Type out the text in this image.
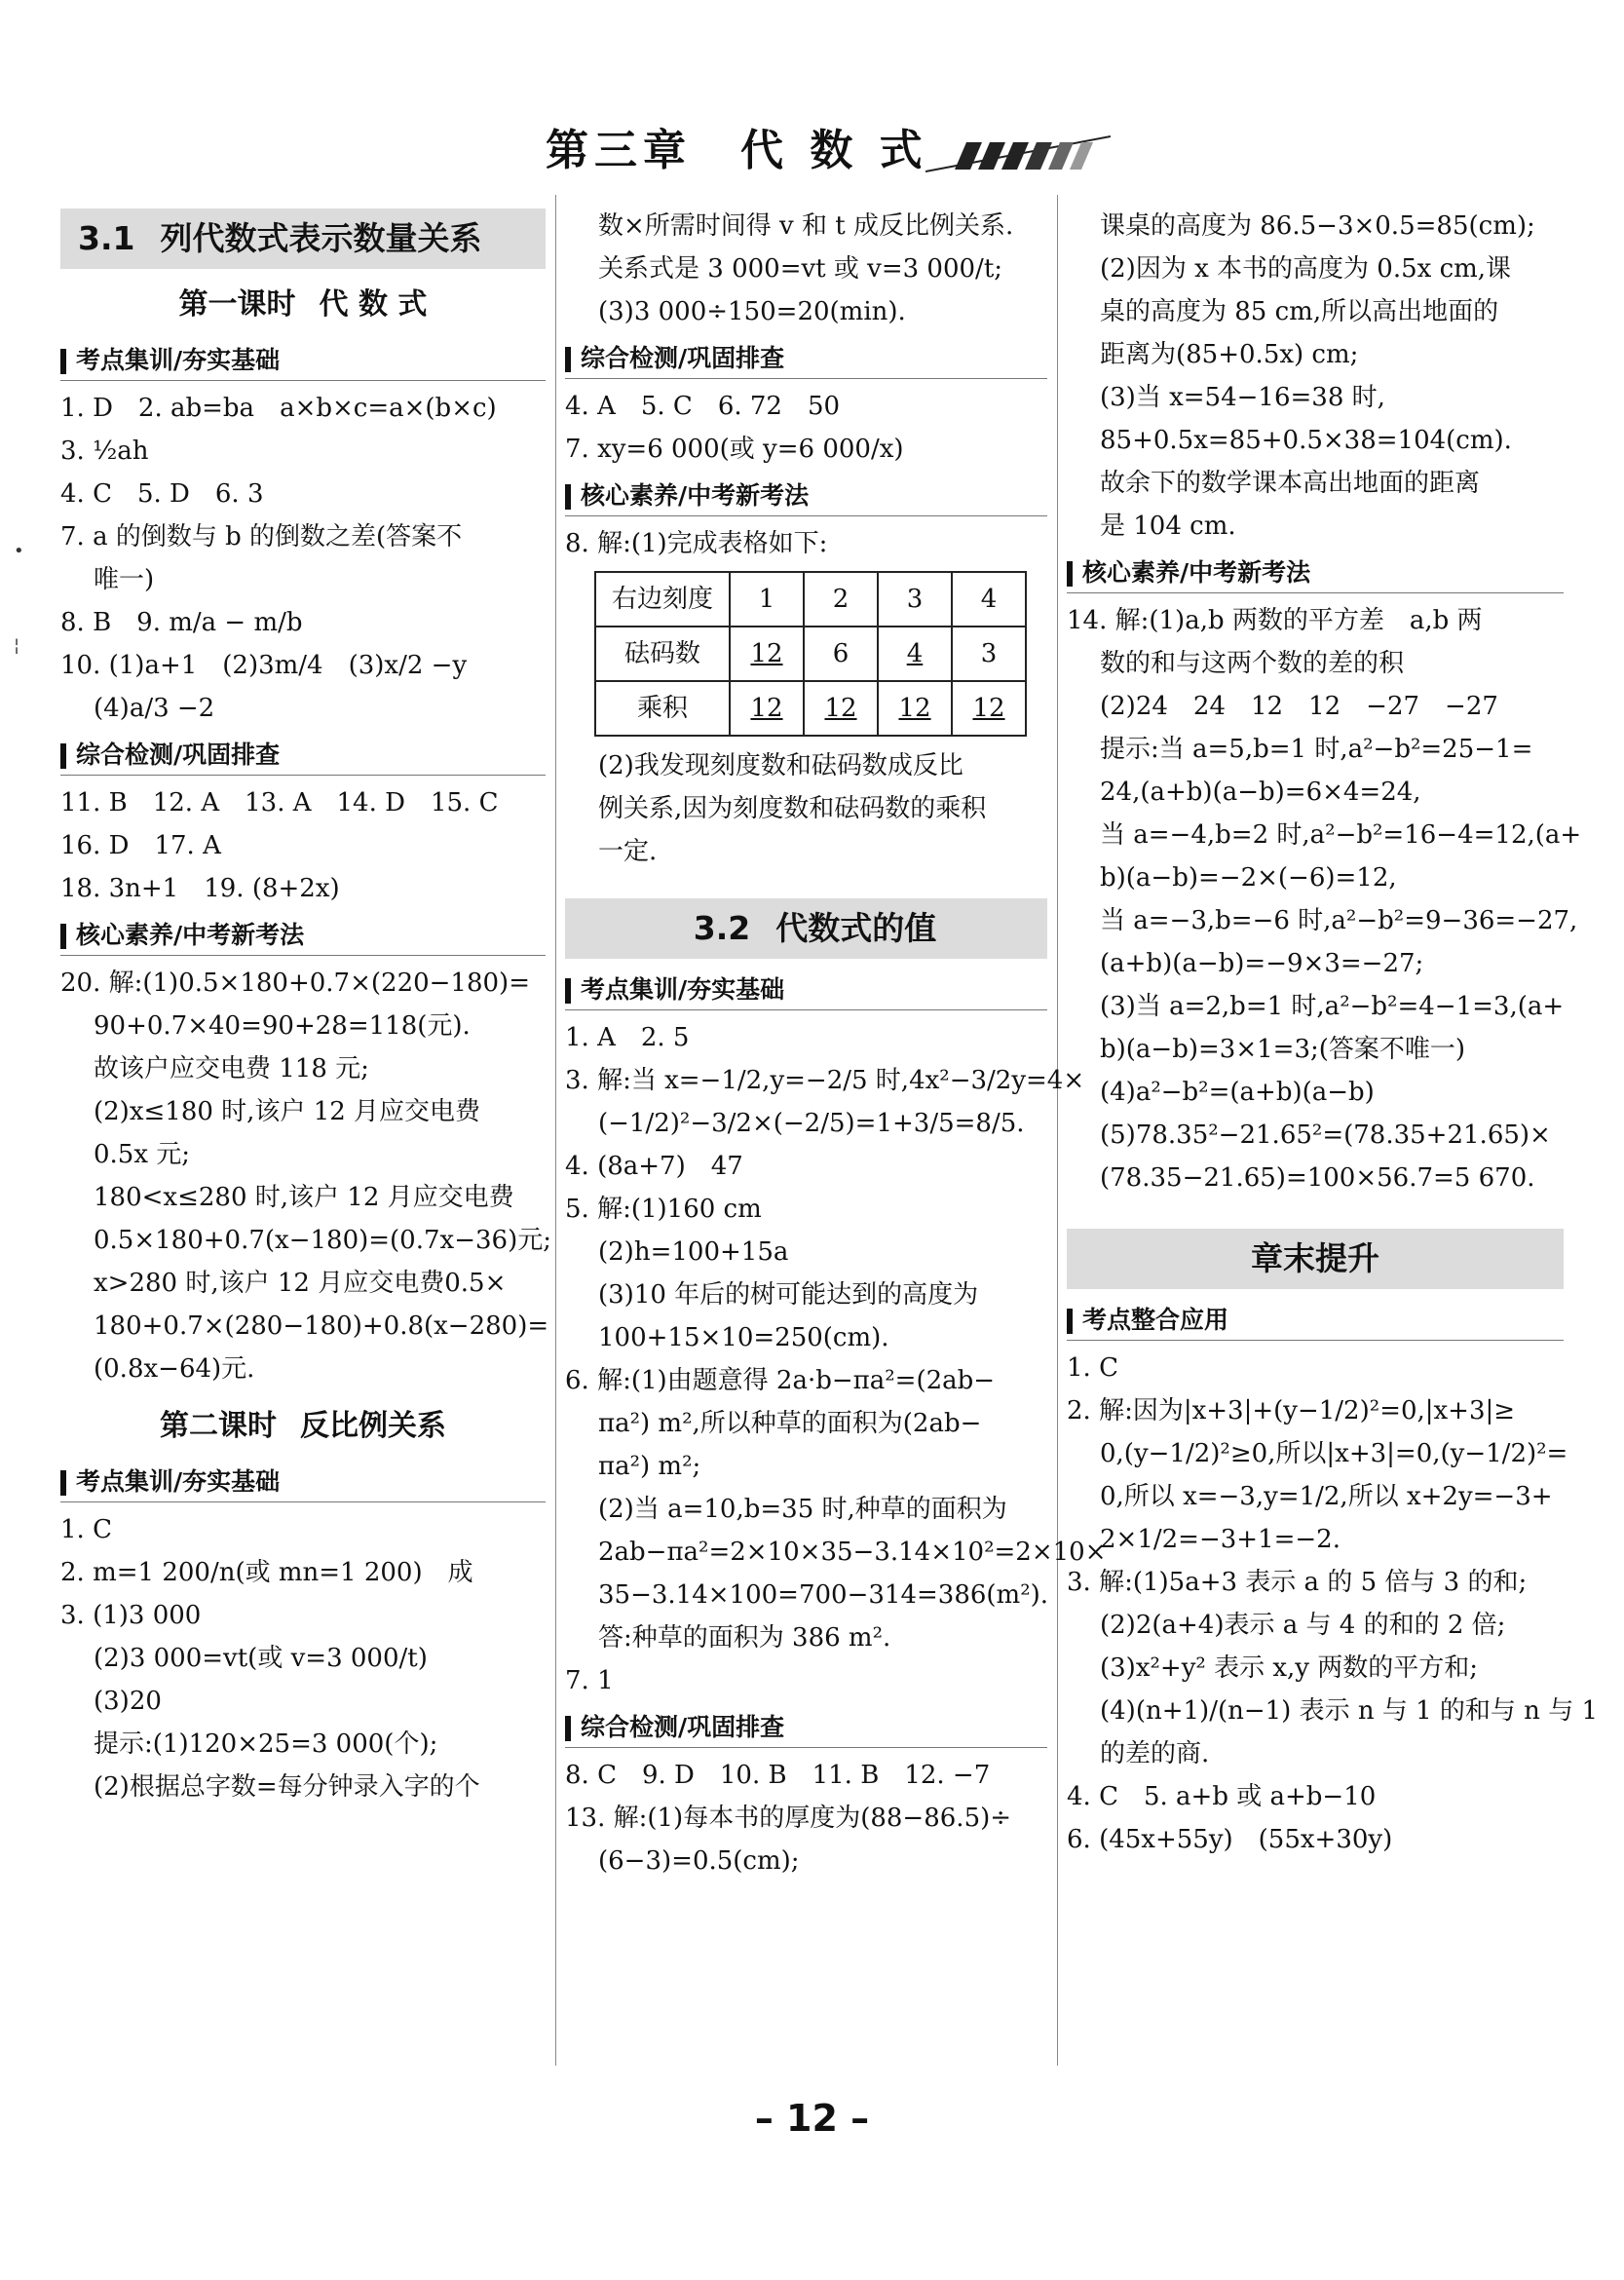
第三章　代 数 式
•
¦
3.1 列代数式表示数量关系
第一课时 代 数 式
考点集训/夯实基础
1. D　2. ab=ba　a×b×c=a×(b×c)
3. ½ah
4. C　5. D　6. 3
7. a 的倒数与 b 的倒数之差(答案不
唯一)
8. B　9. m/a − m/b
10. (1)a+1　(2)3m/4　(3)x/2 −y
(4)a/3 −2
综合检测/巩固排查
11. B　12. A　13. A　14. D　15. C
16. D　17. A
18. 3n+1　19. (8+2x)
核心素养/中考新考法
20. 解:(1)0.5×180+0.7×(220−180)=
90+0.7×40=90+28=118(元).
故该户应交电费 118 元;
(2)x≤180 时,该户 12 月应交电费
0.5x 元;
180<x≤280 时,该户 12 月应交电费
0.5×180+0.7(x−180)=(0.7x−36)元;
x>280 时,该户 12 月应交电费0.5×
180+0.7×(280−180)+0.8(x−280)=
(0.8x−64)元.
第二课时 反比例关系
考点集训/夯实基础
1. C
2. m=1 200/n(或 mn=1 200)　成
3. (1)3 000
(2)3 000=vt(或 v=3 000/t)
(3)20
提示:(1)120×25=3 000(个);
(2)根据总字数=每分钟录入字的个
数×所需时间得 v 和 t 成反比例关系.
关系式是 3 000=vt 或 v=3 000/t;
(3)3 000÷150=20(min).
综合检测/巩固排查
4. A　5. C　6. 72　50
7. xy=6 000(或 y=6 000/x)
核心素养/中考新考法
8. 解:(1)完成表格如下:
右边刻度	1	2	3	4
砝码数	12	6	4	3
乘积	12	12	12	12
(2)我发现刻度数和砝码数成反比
例关系,因为刻度数和砝码数的乘积
一定.
3.2 代数式的值
考点集训/夯实基础
1. A　2. 5
3. 解:当 x=−1/2,y=−2/5 时,4x²−3/2y=4×
(−1/2)²−3/2×(−2/5)=1+3/5=8/5.
4. (8a+7)　47
5. 解:(1)160 cm
(2)h=100+15a
(3)10 年后的树可能达到的高度为
100+15×10=250(cm).
6. 解:(1)由题意得 2a·b−πa²=(2ab−
πa²) m²,所以种草的面积为(2ab−
πa²) m²;
(2)当 a=10,b=35 时,种草的面积为
2ab−πa²=2×10×35−3.14×10²=2×10×
35−3.14×100=700−314=386(m²).
答:种草的面积为 386 m².
7. 1
综合检测/巩固排查
8. C　9. D　10. B　11. B　12. −7
13. 解:(1)每本书的厚度为(88−86.5)÷
(6−3)=0.5(cm);
课桌的高度为 86.5−3×0.5=85(cm);
(2)因为 x 本书的高度为 0.5x cm,课
桌的高度为 85 cm,所以高出地面的
距离为(85+0.5x) cm;
(3)当 x=54−16=38 时,
85+0.5x=85+0.5×38=104(cm).
故余下的数学课本高出地面的距离
是 104 cm.
核心素养/中考新考法
14. 解:(1)a,b 两数的平方差　a,b 两
数的和与这两个数的差的积
(2)24　24　12　12　−27　−27
提示:当 a=5,b=1 时,a²−b²=25−1=
24,(a+b)(a−b)=6×4=24,
当 a=−4,b=2 时,a²−b²=16−4=12,(a+
b)(a−b)=−2×(−6)=12,
当 a=−3,b=−6 时,a²−b²=9−36=−27,
(a+b)(a−b)=−9×3=−27;
(3)当 a=2,b=1 时,a²−b²=4−1=3,(a+
b)(a−b)=3×1=3;(答案不唯一)
(4)a²−b²=(a+b)(a−b)
(5)78.35²−21.65²=(78.35+21.65)×
(78.35−21.65)=100×56.7=5 670.
章末提升
考点整合应用
1. C
2. 解:因为|x+3|+(y−1/2)²=0,|x+3|≥
0,(y−1/2)²≥0,所以|x+3|=0,(y−1/2)²=
0,所以 x=−3,y=1/2,所以 x+2y=−3+
2×1/2=−3+1=−2.
3. 解:(1)5a+3 表示 a 的 5 倍与 3 的和;
(2)2(a+4)表示 a 与 4 的和的 2 倍;
(3)x²+y² 表示 x,y 两数的平方和;
(4)(n+1)/(n−1) 表示 n 与 1 的和与 n 与 1
的差的商.
4. C　5. a+b 或 a+b−10
6. (45x+55y)　(55x+30y)
– 12 –
